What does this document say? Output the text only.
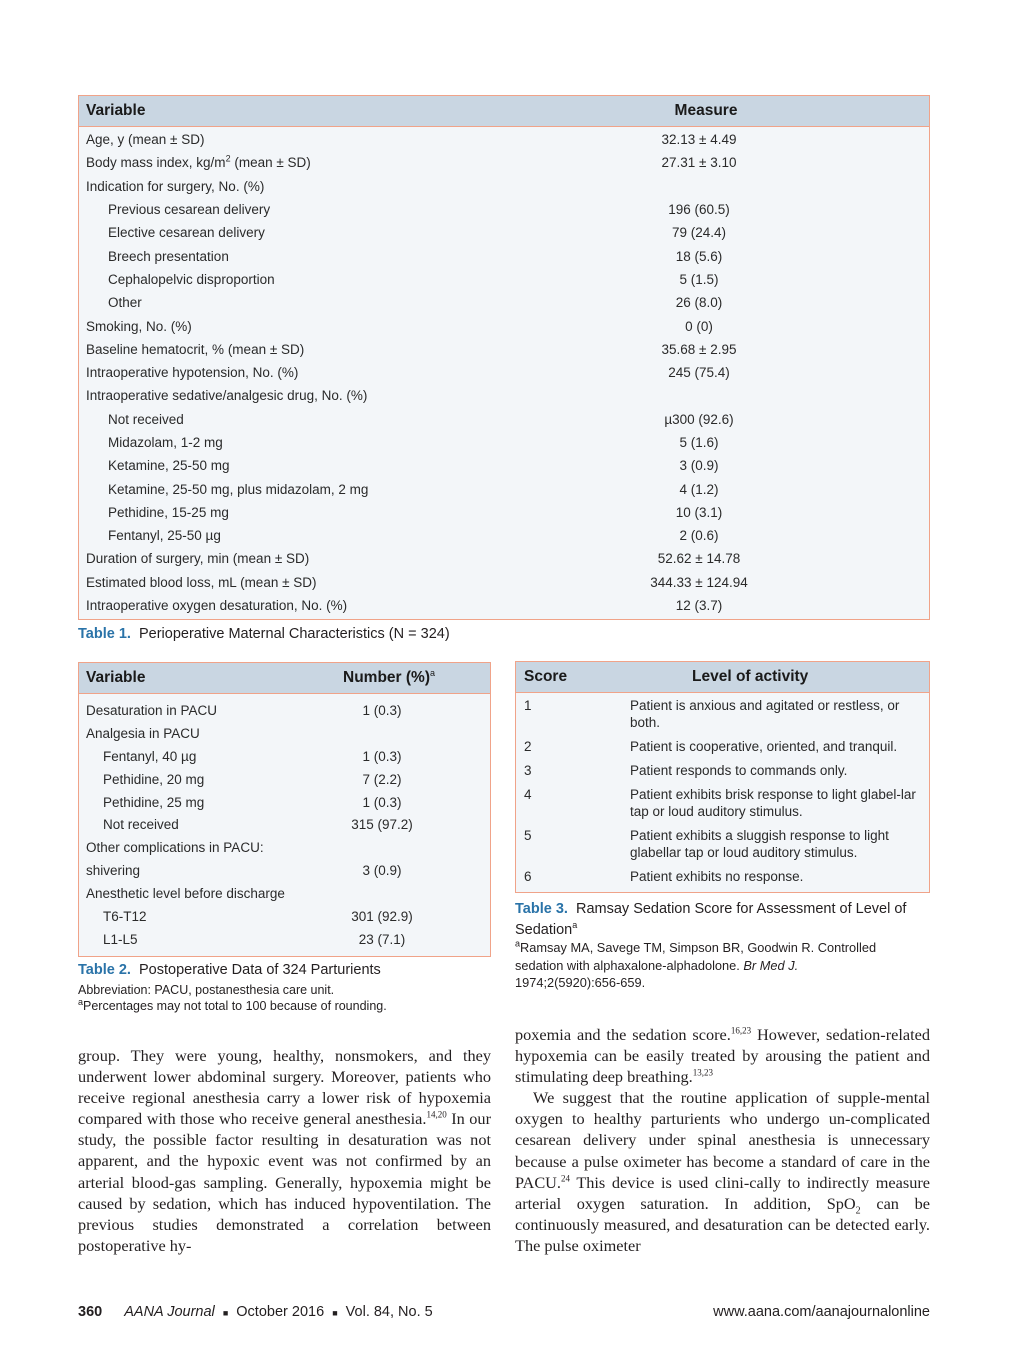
Variable	Measure
Age, y (mean ± SD)	32.13 ± 4.49
Body mass index, $kg/m^2$ (mean ± SD)	27.31 ± 3.10
Indication for surgery, No. (%)
Previous cesarean delivery	196 (60.5)
Elective cesarean delivery	79 (24.4)
Breech presentation	18 (5.6)
Cephalopelvic disproportion	5 (1.5)
Other	26 (8.0)
Smoking, No. (%)	0 (0)
Baseline hematocrit, % (mean ± SD)	35.68 ± 2.95
Intraoperative hypotension, No. (%)	245 (75.4)
Intraoperative sedative/analgesic drug, No. (%)
Not received	µ300 (92.6)
Midazolam, 1-2 mg	5 (1.6)
Ketamine, 25-50 mg	3 (0.9)
Ketamine, 25-50 mg, plus midazolam, 2 mg	4 (1.2)
Pethidine, 15-25 mg	10 (3.1)
Fentanyl, 25-50 µg	2 (0.6)
Duration of surgery, min (mean ± SD)	52.62 ± 14.78
Estimated blood loss, mL (mean ± SD)	344.33 ± 124.94
Intraoperative oxygen desaturation, No. (%)	12 (3.7)
Table 1. Perioperative Maternal Characteristics (N = 324)
Variable	Number (%)$^a$
Desaturation in PACU	1 (0.3)
Analgesia in PACU
Fentanyl, 40 µg	1 (0.3)
Pethidine, 20 mg	7 (2.2)
Pethidine, 25 mg	1 (0.3)
Not received	315 (97.2)
Other complications in PACU:
shivering	3 (0.9)
Anesthetic level before discharge
T6-T12	301 (92.9)
L1-L5	23 (7.1)
Table 2. Postoperative Data of 324 Parturients
Abbreviation: PACU, postanesthesia care unit.
$^a$Percentages may not total to 100 because of rounding.
Score	Level of activity
1	Patient is anxious and agitated or restless, or both.
2	Patient is cooperative, oriented, and tranquil.
3	Patient responds to commands only.
4	Patient exhibits brisk response to light glabel-lar tap or loud auditory stimulus.
5	Patient exhibits a sluggish response to light glabellar tap or loud auditory stimulus.
6	Patient exhibits no response.
Table 3. Ramsay Sedation Score for Assessment of Level of Sedation$^a$
$^a$Ramsay MA, Savege TM, Simpson BR, Goodwin R. Controlled sedation with alphaxalone-alphadolone. Br Med J. 1974;2(5920):656-659.

group. They were young, healthy, nonsmokers, and they underwent lower abdominal surgery. Moreover, patients who receive regional anesthesia carry a lower risk of hypoxemia compared with those who receive general anesthesia.$^{14,20}$ In our study, the possible factor resulting in desaturation was not apparent, and the hypoxic event was not confirmed by an arterial blood-gas sampling. Generally, hypoxemia might be caused by sedation, which has induced hypoventilation. The previous studies demonstrated a correlation between postoperative hy-

poxemia and the sedation score.$^{16,23}$ However, sedation-related hypoxemia can be easily treated by arousing the patient and stimulating deep breathing.$^{13,23}$

We suggest that the routine application of supple-mental oxygen to healthy parturients who undergo un-complicated cesarean delivery under spinal anesthesia is unnecessary because a pulse oximeter has become a standard of care in the PACU.$^{24}$ This device is used clini-cally to indirectly measure arterial oxygen saturation. In addition, SpO$_2$ can be continuously measured, and desaturation can be detected early. The pulse oximeter

360 AANA Journal ■ October 2016 ■ Vol. 84, No. 5	www.aana.com/aanajournalonline
